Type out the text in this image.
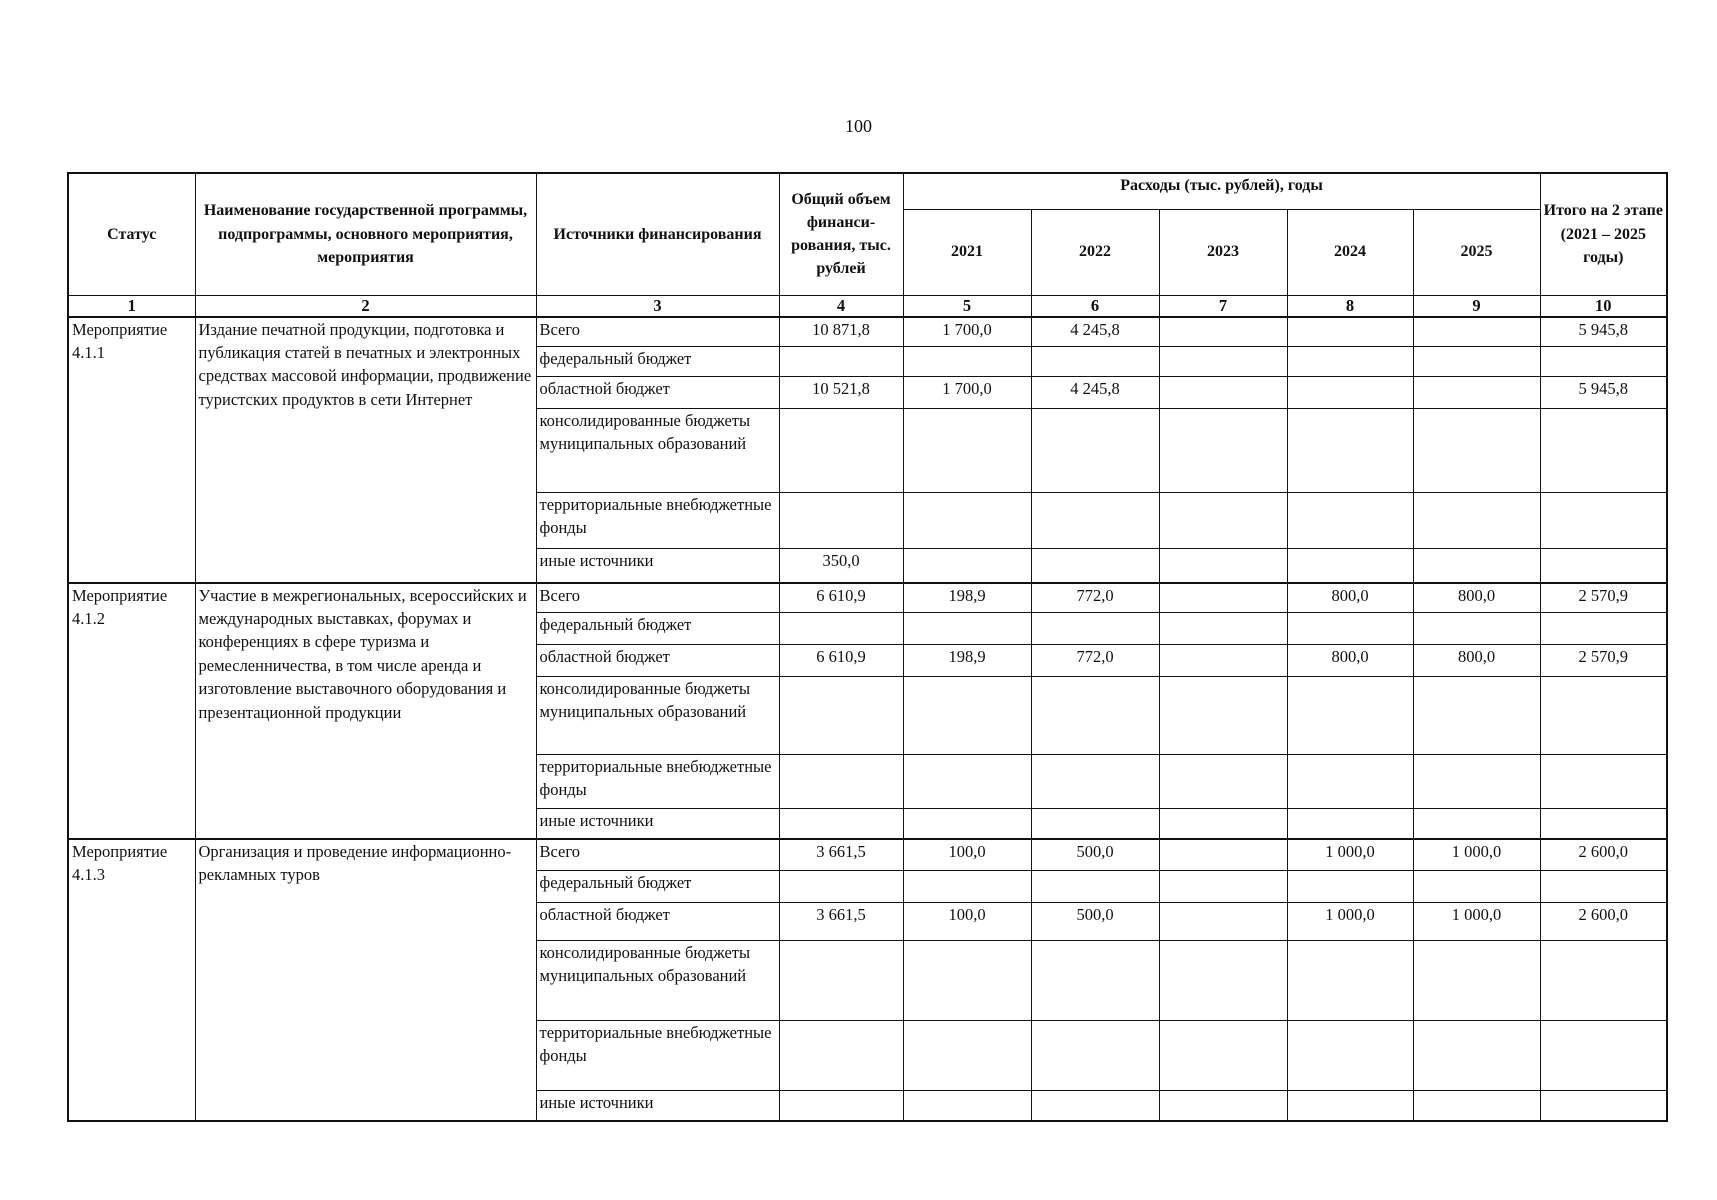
100
Статус	Наименование государственной программы, подпрограммы, основного мероприятия, мероприятия	Источники финансирования	Общий объем финанси-рования, тыс. рублей	Расходы (тыс. рублей), годы					Итого на 2 этапе (2021 – 2025 годы)
				2021	2022	2023	2024	2025	
1	2	3	4	5	6	7	8	9	10
Мероприятие 4.1.1	Издание печатной продукции, подготовка и публикация статей в печатных и электронных средствах массовой информации, продвижение туристских продуктов в сети Интернет	Всего	10 871,8	1 700,0	4 245,8				5 945,8
		федеральный бюджет							
		областной бюджет	10 521,8	1 700,0	4 245,8				5 945,8
		консолидированные бюджеты муниципальных образований							
		территориальные внебюджетные фонды							
		иные источники	350,0						
Мероприятие 4.1.2	Участие в межрегиональных, всероссийских и международных выставках, форумах и конференциях в сфере туризма и ремесленничества, в том числе аренда и изготовление выставочного оборудования и презентационной продукции	Всего	6 610,9	198,9	772,0		800,0	800,0	2 570,9
		федеральный бюджет							
		областной бюджет	6 610,9	198,9	772,0		800,0	800,0	2 570,9
		консолидированные бюджеты муниципальных образований							
		территориальные внебюджетные фонды							
		иные источники							
Мероприятие 4.1.3	Организация и проведение информационно-рекламных туров	Всего	3 661,5	100,0	500,0		1 000,0	1 000,0	2 600,0
		федеральный бюджет							
		областной бюджет	3 661,5	100,0	500,0		1 000,0	1 000,0	2 600,0
		консолидированные бюджеты муниципальных образований							
		территориальные внебюджетные фонды							
		иные источники							
